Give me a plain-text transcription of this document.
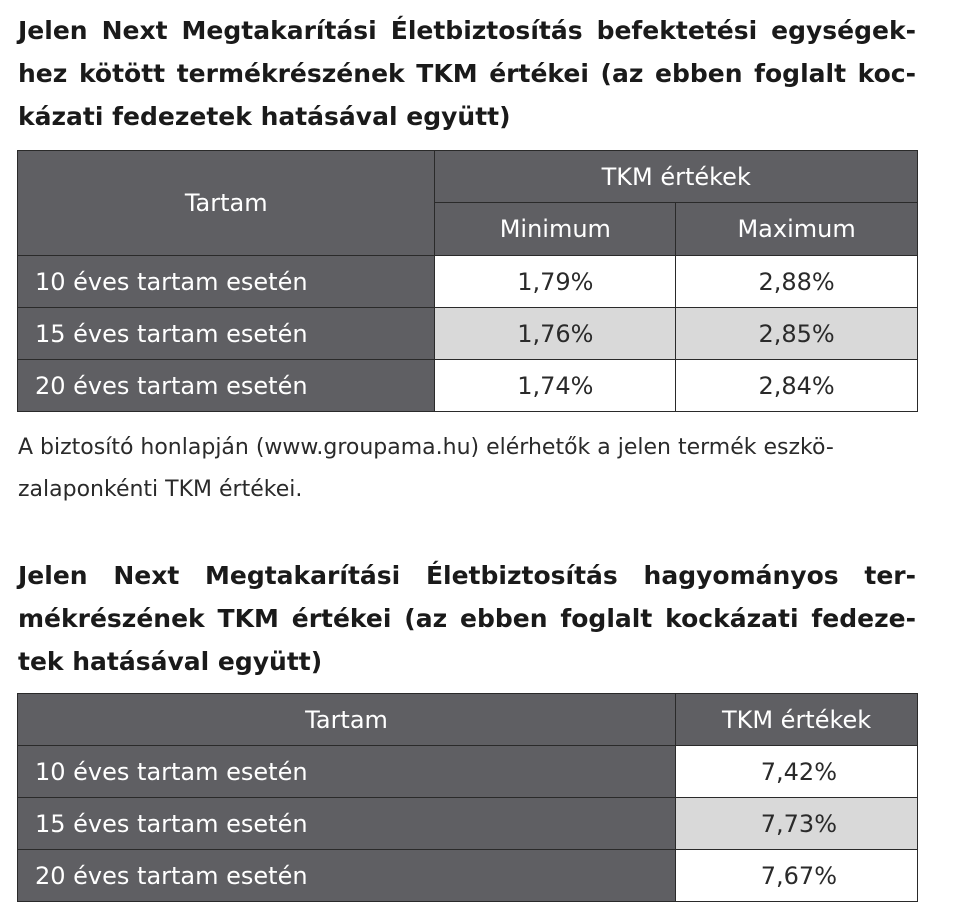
Jelen Next Megtakarítási Életbiztosítás befektetési egységek-
hez kötött termékrészének TKM értékei (az ebben foglalt koc-
kázati fedezetek hatásával együtt)
Tartam	TKM értékek	
	Minimum	Maximum
10 éves tartam esetén	1,79%	2,88%
15 éves tartam esetén	1,76%	2,85%
20 éves tartam esetén	1,74%	2,84%

A biztosító honlapján (www.groupama.hu) elérhetők a jelen termék eszkö-
zalaponkénti TKM értékei.

Jelen Next Megtakarítási Életbiztosítás hagyományos ter-
mékrészének TKM értékei (az ebben foglalt kockázati fedeze-
tek hatásával együtt)
Tartam	TKM értékek
10 éves tartam esetén	7,42%
15 éves tartam esetén	7,73%
20 éves tartam esetén	7,67%
